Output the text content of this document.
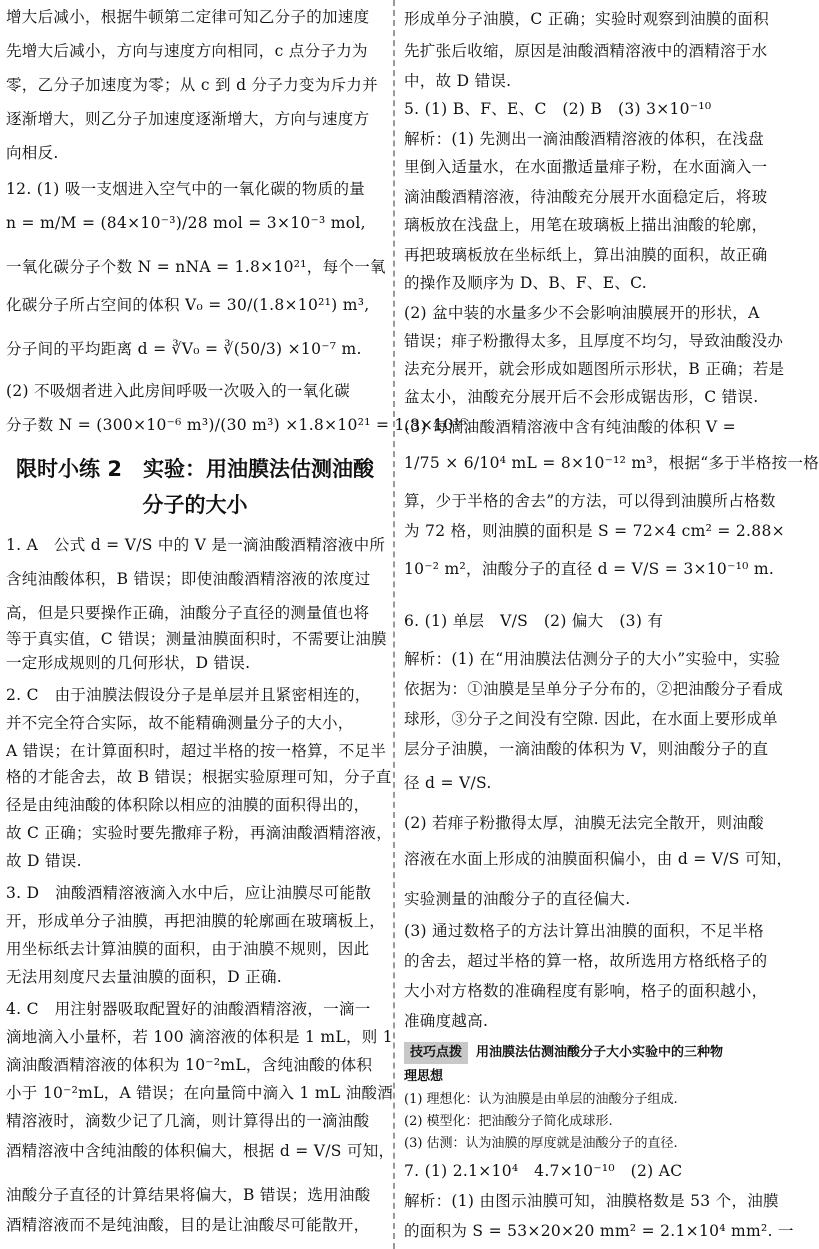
增大后减小，根据牛顿第二定律可知乙分子的加速度
先增大后减小，方向与速度方向相同，c 点分子力为
零，乙分子加速度为零；从 c 到 d 分子力变为斥力并
逐渐增大，则乙分子加速度逐渐增大，方向与速度方
向相反.
12. (1) 吸一支烟进入空气中的一氧化碳的物质的量
n = m/M = (84×10⁻³)/28 mol = 3×10⁻³ mol,
一氧化碳分子个数 N = nNA = 1.8×10²¹，每个一氧
化碳分子所占空间的体积 V₀ = 30/(1.8×10²¹) m³,
分子间的平均距离 d = ∛V₀ = ∛(50/3) ×10⁻⁷ m.
(2) 不吸烟者进入此房间呼吸一次吸入的一氧化碳
分子数 N = (300×10⁻⁶ m³)/(30 m³) ×1.8×10²¹ = 1.8×10¹⁶.
限时小练 2　实验：用油膜法估测油酸
分子的大小
1. A　公式 d = V/S 中的 V 是一滴油酸酒精溶液中所
含纯油酸体积，B 错误；即使油酸酒精溶液的浓度过
高，但是只要操作正确，油酸分子直径的测量值也将
等于真实值，C 错误；测量油膜面积时，不需要让油膜
一定形成规则的几何形状，D 错误.
2. C　由于油膜法假设分子是单层并且紧密相连的，
并不完全符合实际，故不能精确测量分子的大小，
A 错误；在计算面积时，超过半格的按一格算，不足半
格的才能舍去，故 B 错误；根据实验原理可知，分子直
径是由纯油酸的体积除以相应的油膜的面积得出的，
故 C 正确；实验时要先撒痱子粉，再滴油酸酒精溶液，
故 D 错误.
3. D　油酸酒精溶液滴入水中后，应让油膜尽可能散
开，形成单分子油膜，再把油膜的轮廓画在玻璃板上，
用坐标纸去计算油膜的面积，由于油膜不规则，因此
无法用刻度尺去量油膜的面积，D 正确.
4. C　用注射器吸取配置好的油酸酒精溶液，一滴一
滴地滴入小量杯，若 100 滴溶液的体积是 1 mL，则 1
滴油酸酒精溶液的体积为 10⁻²mL，含纯油酸的体积
小于 10⁻²mL，A 错误；在向量筒中滴入 1 mL 油酸酒
精溶液时，滴数少记了几滴，则计算得出的一滴油酸
酒精溶液中含纯油酸的体积偏大，根据 d = V/S 可知，
油酸分子直径的计算结果将偏大，B 错误；选用油酸
酒精溶液而不是纯油酸，目的是让油酸尽可能散开，
形成单分子油膜，C 正确；实验时观察到油膜的面积
先扩张后收缩，原因是油酸酒精溶液中的酒精溶于水
中，故 D 错误.
5. (1) B、F、E、C　(2) B　(3) 3×10⁻¹⁰
解析：(1) 先测出一滴油酸酒精溶液的体积，在浅盘
里倒入适量水，在水面撒适量痱子粉，在水面滴入一
滴油酸酒精溶液，待油酸充分展开水面稳定后，将玻
璃板放在浅盘上，用笔在玻璃板上描出油酸的轮廓，
再把玻璃板放在坐标纸上，算出油膜的面积，故正确
的操作及顺序为 D、B、F、E、C.
(2) 盆中装的水量多少不会影响油膜展开的形状，A
错误；痱子粉撒得太多，且厚度不均匀，导致油酸没办
法充分展开，就会形成如题图所示形状，B 正确；若是
盆太小，油酸充分展开后不会形成锯齿形，C 错误.
(3) 每滴油酸酒精溶液中含有纯油酸的体积 V =
1/75 × 6/10⁴ mL = 8×10⁻¹² m³，根据“多于半格按一格
算，少于半格的舍去”的方法，可以得到油膜所占格数
为 72 格，则油膜的面积是 S = 72×4 cm² = 2.88×
10⁻² m²，油酸分子的直径 d = V/S = 3×10⁻¹⁰ m.
6. (1) 单层　V/S　(2) 偏大　(3) 有
解析：(1) 在“用油膜法估测分子的大小”实验中，实验
依据为：①油膜是呈单分子分布的，②把油酸分子看成
球形，③分子之间没有空隙. 因此，在水面上要形成单
层分子油膜，一滴油酸的体积为 V，则油酸分子的直
径 d = V/S.
(2) 若痱子粉撒得太厚，油膜无法完全散开，则油酸
溶液在水面上形成的油膜面积偏小，由 d = V/S 可知，
实验测量的油酸分子的直径偏大.
(3) 通过数格子的方法计算出油膜的面积，不足半格
的舍去，超过半格的算一格，故所选用方格纸格子的
大小对方格数的准确程度有影响，格子的面积越小，
准确度越高.
技巧点拨 用油膜法估测油酸分子大小实验中的三种物
理思想
(1) 理想化：认为油膜是由单层的油酸分子组成.
(2) 模型化：把油酸分子简化成球形.
(3) 估测：认为油膜的厚度就是油酸分子的直径.
7. (1) 2.1×10⁴　4.7×10⁻¹⁰　(2) AC
解析：(1) 由图示油膜可知，油膜格数是 53 个，油膜
的面积为 S = 53×20×20 mm² = 2.1×10⁴ mm². 一
